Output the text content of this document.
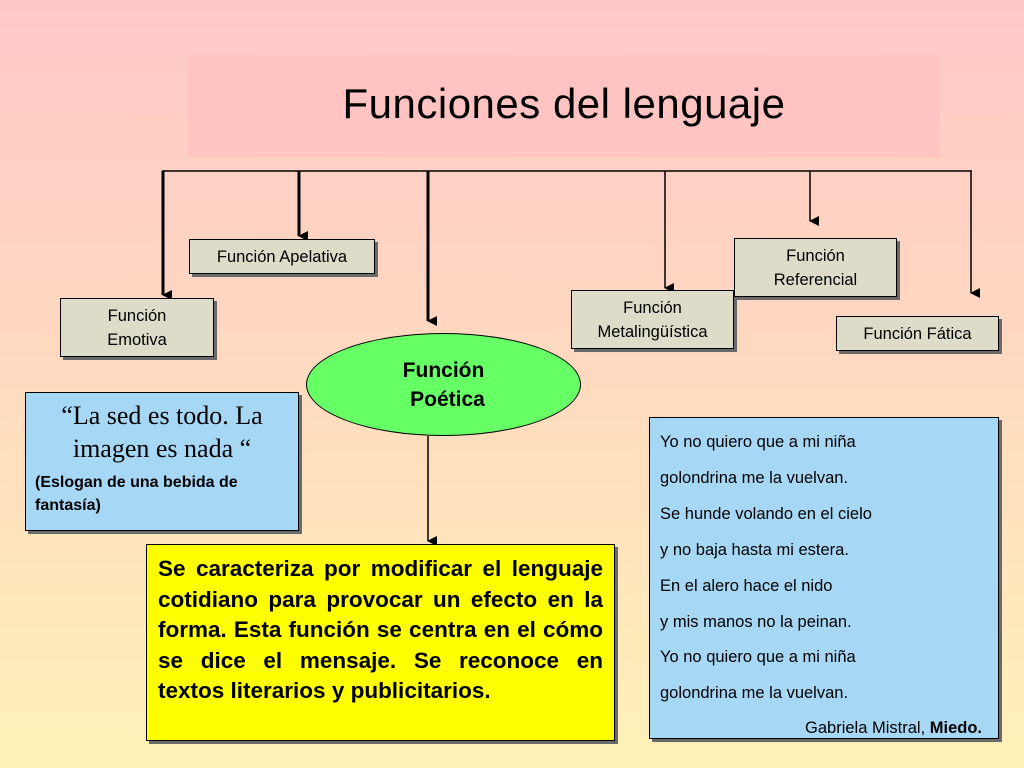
Funciones del lenguaje
Función Apelativa
Función
Emotiva
Función
Metalingüística
Función
Referencial
Función Fática
Función
Poética
“La sed es todo. La imagen es nada “
(Eslogan de una bebida de fantasía)
Se caracteriza por modificar el lenguaje cotidiano para provocar un efecto en la forma. Esta función se centra en el cómo se dice el mensaje. Se reconoce en textos literarios y publicitarios.
Yo no quiero que a mi niña
golondrina me la vuelvan.
Se hunde volando en el cielo
y no baja hasta mi estera.
En el alero hace el nido
y mis manos no la peinan.
Yo no quiero que a mi niña
golondrina me la vuelvan.
Gabriela Mistral, Miedo.
